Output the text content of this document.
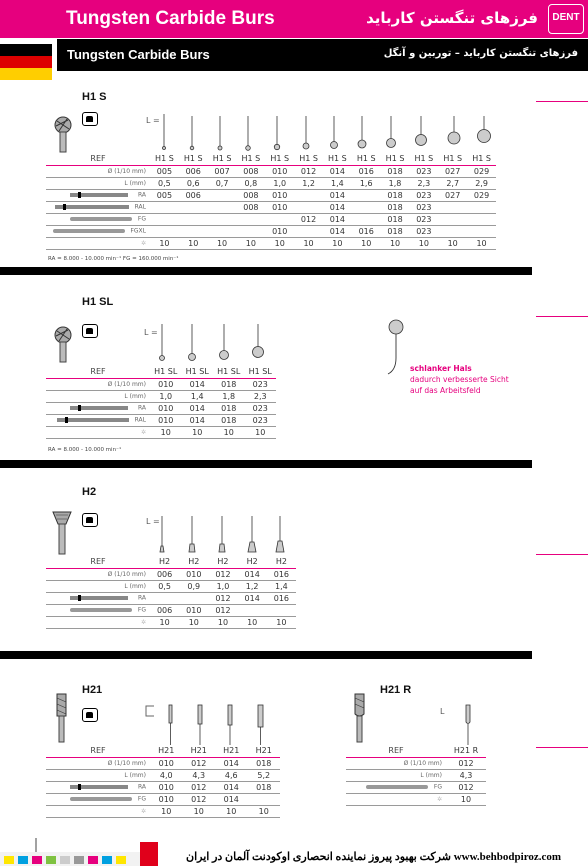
Tungsten Carbide Burs	فرزهای تنگستن کارباید	DENT
Tungsten Carbide Burs	فرزهای تنگستن کارباید – توربین و آنگل
H1 S
L =
REF	H1 S	H1 S	H1 S	H1 S	H1 S	H1 S	H1 S	H1 S	H1 S	H1 S	H1 S	H1 S
Ø (1/10 mm)	005	006	007	008	010	012	014	016	018	023	027	029
L (mm)	0,5	0,6	0,7	0,8	1,0	1,2	1,4	1,6	1,8	2,3	2,7	2,9
RA	005	006		008	010		014		018	023	027	029
RAL				008	010		014		018	023		
FG						012	014		018	023		
FGXL					010		014	016	018	023		
✲	10	10	10	10	10	10	10	10	10	10	10	10
RA = 8.000 - 10.000 min⁻¹ FG = 160.000 min⁻¹
H1 SL
L =
REF	H1 SL	H1 SL	H1 SL	H1 SL
Ø (1/10 mm)	010	014	018	023
L (mm)	1,0	1,4	1,8	2,3
RA	010	014	018	023
RAL	010	014	018	023
✲	10	10	10	10
RA = 8.000 - 10.000 min⁻¹
schlanker Hals
dadurch verbesserte Sicht
auf das Arbeitsfeld
H2
L =
REF	H2	H2	H2	H2	H2
Ø (1/10 mm)	006	010	012	014	016
L (mm)	0,5	0,9	1,0	1,2	1,4
RA			012	014	016
FG	006	010	012		
✲	10	10	10	10	10
H21
REF	H21	H21	H21	H21
Ø (1/10 mm)	010	012	014	018
L (mm)	4,0	4,3	4,6	5,2
RA	010	012	014	018
FG	010	012	014	
✲	10	10	10	10
H21 R
L
REF	H21 R
Ø (1/10 mm)	012
L (mm)	4,3
FG	012
✲	10
شرکت بهبود پیروز نماینده انحصاری اوکودنت آلمان در ایران www.behbodpiroz.com
